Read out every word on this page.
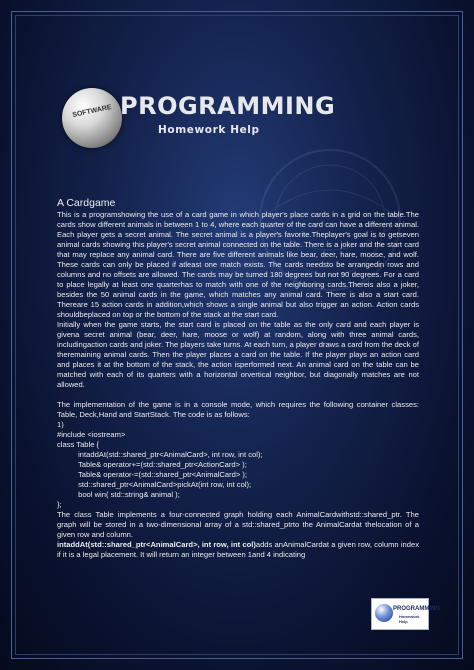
SOFTWARE PROGRAMMING
Homework Help
A Cardgame
This is a programshowing the use of a card game in which player's place cards in a grid on the table.The cards show different animals in between 1 to 4, where each quarter of the card can have a different animal. Each player gets a secret animal. The secret animal is a player's favorite.Theplayer's goal is to getseven animal cards showing this player's secret animal connected on the table. There is a joker and the start card that may replace any animal card. There are five different animals like bear, deer, hare, moose, and wolf. These cards can only be placed if atleast one match exists. The cards needsto be arrangedin rows and columns and no offsets are allowed. The cards may be turned 180 degrees but not 90 degrees. For a card to place legally at least one quarterhas to match with one of the neighboring cards.Thereis also a joker, besides the 50 animal cards in the game, which matches any animal card. There is also a start card. Thereare 15 action cards in addition,which shows a single animal but also trigger an action. Action cards shouldbeplaced on top or the bottom of the stack at the start card.
Initially when the game starts, the start card is placed on the table as the only card and each player is givena secret animal (bear, deer, hare, moose or wolf) at random, along with three animal cards, includingaction cards and joker. The players take turns. At each turn, a player draws a card from the deck of theremaining animal cards. Then the player places a card on the table. If the player plays an action card and places it at the bottom of the stack, the action isperformed next. An animal card on the table can be matched with each of its quarters with a horizontal orvertical neighbor, but diagonally matches are not allowed.
The implementation of the game is in a console mode, which requires the following container classes: Table, Deck,Hand and StartStack. The code is as follows:
1)
#include <iostream>
class Table {
intaddAt(std::shared_ptr<AnimalCard>, int row, int col);
Table& operator+=(std::shared_ptr<ActionCard> );
Table& operator-=(std::shared_ptr<AnimalCard> );
std::shared_ptr<AnimalCard>pickAt(int row, int col);
bool win( std::string& animal );
};
The class Table implements a four-connected graph holding each AnimalCardwithstd::shared_ptr. The graph will be stored in a two-dimensional array of a std::shared_ptrto the AnimalCardat thelocation of a given row and column.
intaddAt(std::shared_ptr<AnimalCard>, int row, int col)adds anAnimalCardat a given row, column index if it is a legal placement. It will return an integer between 1and 4 indicating
PROGRAMMING
Homework Help
